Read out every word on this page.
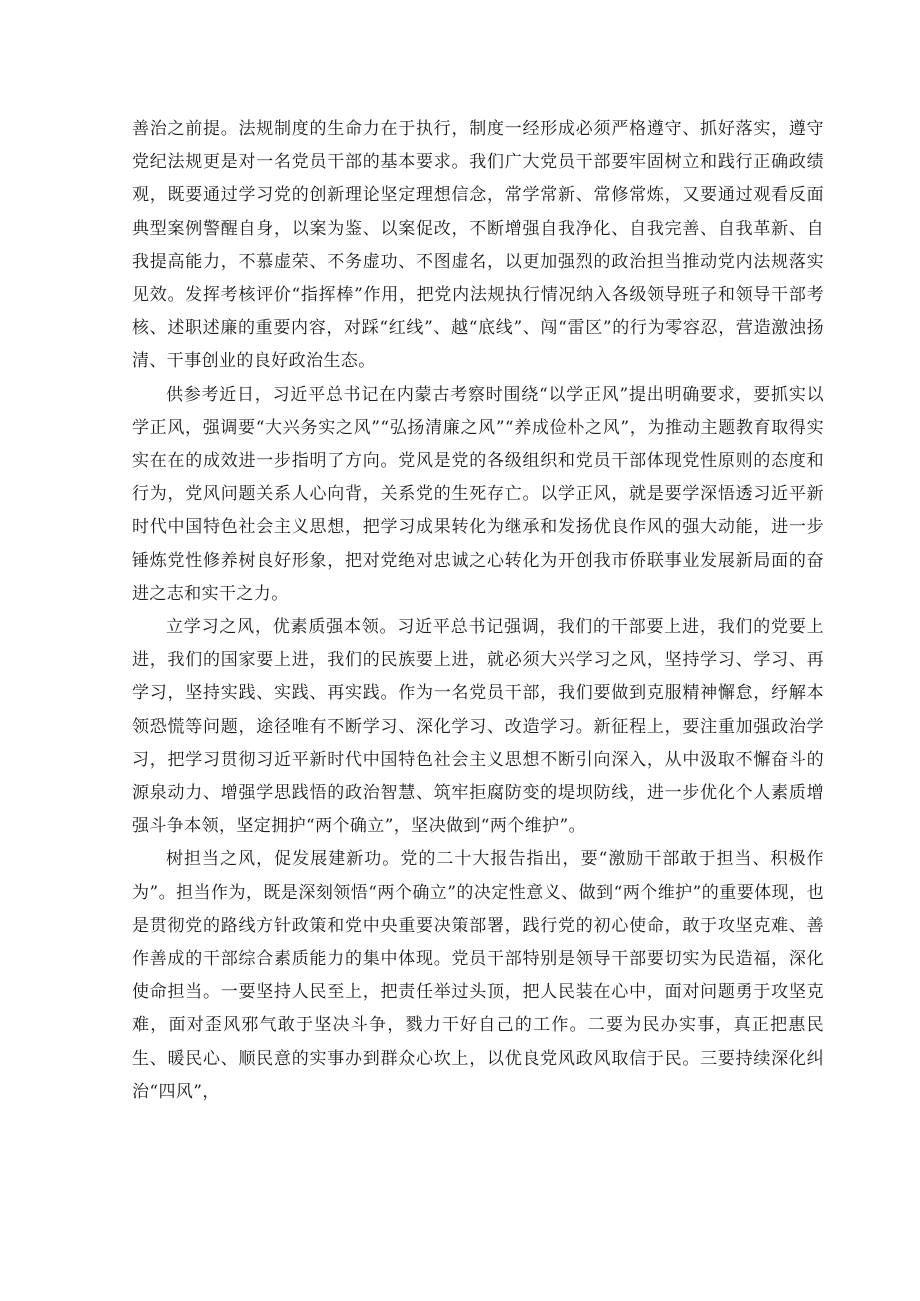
善治之前提。法规制度的生命力在于执行，制度一经形成必须严格遵守、抓好落实，遵守党纪法规更是对一名党员干部的基本要求。我们广大党员干部要牢固树立和践行正确政绩观，既要通过学习党的创新理论坚定理想信念，常学常新、常修常炼，又要通过观看反面典型案例警醒自身，以案为鉴、以案促改，不断增强自我净化、自我完善、自我革新、自我提高能力，不慕虚荣、不务虚功、不图虚名，以更加强烈的政治担当推动党内法规落实见效。发挥考核评价“指挥棒”作用，把党内法规执行情况纳入各级领导班子和领导干部考核、述职述廉的重要内容，对踩“红线”、越“底线”、闯“雷区”的行为零容忍，营造激浊扬清、干事创业的良好政治生态。

供参考近日，习近平总书记在内蒙古考察时围绕“以学正风”提出明确要求，要抓实以学正风，强调要“大兴务实之风”“弘扬清廉之风”“养成俭朴之风”，为推动主题教育取得实实在在的成效进一步指明了方向。党风是党的各级组织和党员干部体现党性原则的态度和行为，党风问题关系人心向背，关系党的生死存亡。以学正风，就是要学深悟透习近平新时代中国特色社会主义思想，把学习成果转化为继承和发扬优良作风的强大动能，进一步锤炼党性修养树良好形象，把对党绝对忠诚之心转化为开创我市侨联事业发展新局面的奋进之志和实干之力。

立学习之风，优素质强本领。习近平总书记强调，我们的干部要上进，我们的党要上进，我们的国家要上进，我们的民族要上进，就必须大兴学习之风，坚持学习、学习、再学习，坚持实践、实践、再实践。作为一名党员干部，我们要做到克服精神懈怠，纾解本领恐慌等问题，途径唯有不断学习、深化学习、改造学习。新征程上，要注重加强政治学习，把学习贯彻习近平新时代中国特色社会主义思想不断引向深入，从中汲取不懈奋斗的源泉动力、增强学思践悟的政治智慧、筑牢拒腐防变的堤坝防线，进一步优化个人素质增强斗争本领，坚定拥护“两个确立”，坚决做到“两个维护”。

树担当之风，促发展建新功。党的二十大报告指出，要“激励干部敢于担当、积极作为”。担当作为，既是深刻领悟“两个确立”的决定性意义、做到“两个维护”的重要体现，也是贯彻党的路线方针政策和党中央重要决策部署，践行党的初心使命，敢于攻坚克难、善作善成的干部综合素质能力的集中体现。党员干部特别是领导干部要切实为民造福，深化使命担当。一要坚持人民至上，把责任举过头顶，把人民装在心中，面对问题勇于攻坚克难，面对歪风邪气敢于坚决斗争，戮力干好自己的工作。二要为民办实事，真正把惠民生、暖民心、顺民意的实事办到群众心坎上，以优良党风政风取信于民。三要持续深化纠治“四风”，
